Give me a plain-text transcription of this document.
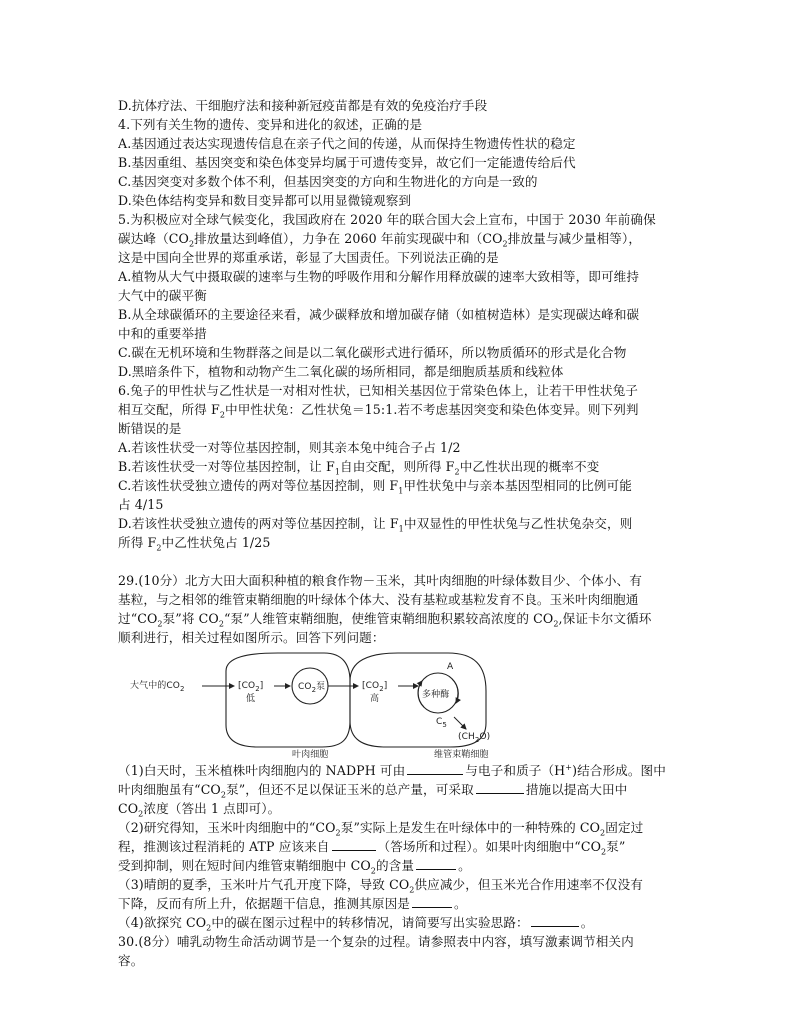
D.抗体疗法、干细胞疗法和接种新冠疫苗都是有效的免疫治疗手段
4.下列有关生物的遗传、变异和进化的叙述，正确的是
A.基因通过表达实现遗传信息在亲子代之间的传递，从而保持生物遗传性状的稳定
B.基因重组、基因突变和染色体变异均属于可遗传变异，故它们一定能遗传给后代
C.基因突变对多数个体不利，但基因突变的方向和生物进化的方向是一致的
D.染色体结构变异和数目变异都可以用显微镜观察到
5.为积极应对全球气候变化，我国政府在 2020 年的联合国大会上宣布，中国于 2030 年前确保
碳达峰（$CO_2$排放量达到峰值），力争在 2060 年前实现碳中和（$CO_2$排放量与减少量相等），
这是中国向全世界的郑重承诺，彰显了大国责任。下列说法正确的是
A.植物从大气中摄取碳的速率与生物的呼吸作用和分解作用释放碳的速率大致相等，即可维持
大气中的碳平衡
B.从全球碳循环的主要途径来看，减少碳释放和增加碳存储（如植树造林）是实现碳达峰和碳
中和的重要举措
C.碳在无机环境和生物群落之间是以二氧化碳形式进行循环，所以物质循环的形式是化合物
D.黑暗条件下，植物和动物产生二氧化碳的场所相同，都是细胞质基质和线粒体
6.兔子的甲性状与乙性状是一对相对性状，已知相关基因位于常染色体上，让若干甲性状兔子
相互交配，所得 $F_2$中甲性状兔：乙性状兔＝15:1.若不考虑基因突变和染色体变异。则下列判
断错误的是
A.若该性状受一对等位基因控制，则其亲本兔中纯合子占 1/2
B.若该性状受一对等位基因控制，让 $F_1$自由交配，则所得 $F_2$中乙性状出现的概率不变
C.若该性状受独立遗传的两对等位基因控制，则 $F_1$甲性状兔中与亲本基因型相同的比例可能
占 4/15
D.若该性状受独立遗传的两对等位基因控制，让 $F_1$中双显性的甲性状兔与乙性状兔杂交，则
所得 $F_2$中乙性状兔占 1/25
29.(10分）北方大田大面积种植的粮食作物－玉米，其叶肉细胞的叶绿体数目少、个体小、有
基粒，与之相邻的维管束鞘细胞的叶绿体个体大、没有基粒或基粒发育不良。玉米叶肉细胞通
过“$CO_2$泵”将 $CO_2“$泵”人维管束鞘细胞，使维管束鞘细胞积累较高浓度的 $CO_2$,保证卡尔文循环
顺利进行，相关过程如图所示。回答下列问题：
大气中的$CO_2$	$[CO_2]$
低
$CO_2$泵	$[CO_2]$
高
A
多种酶
$C_5$
$(CH_2O)$
叶肉细胞	维管束鞘细胞
（1)白天时，玉米植株叶肉细胞内的 NADPH 可由	与电子和质子（H+)结合形成。图中
叶肉细胞虽有“$CO_2$泵”，但还不足以保证玉米的总产量，可采取	措施以提高大田中
$CO_2$浓度（答出 1 点即可）。
（2)研究得知，玉米叶肉细胞中的“$CO_2$泵”实际上是发生在叶绿体中的一种特殊的 $CO_2$固定过
程，推测该过程消耗的 ATP 应该来自	（答场所和过程）。如果叶肉细胞中“$CO_2$泵”
受到抑制，则在短时间内维管束鞘细胞中 $CO_2$的含量	。
（3)晴朗的夏季，玉米叶片气孔开度下降，导致 $CO_2$供应减少，但玉米光合作用速率不仅没有
下降，反而有所上升，依据题干信息，推测其原因是	。
（4)欲探究 $CO_2$中的碳在图示过程中的转移情况，请简要写出实验思路：	。
30.(8分）哺乳动物生命活动调节是一个复杂的过程。请参照表中内容，填写激素调节相关内
容。
